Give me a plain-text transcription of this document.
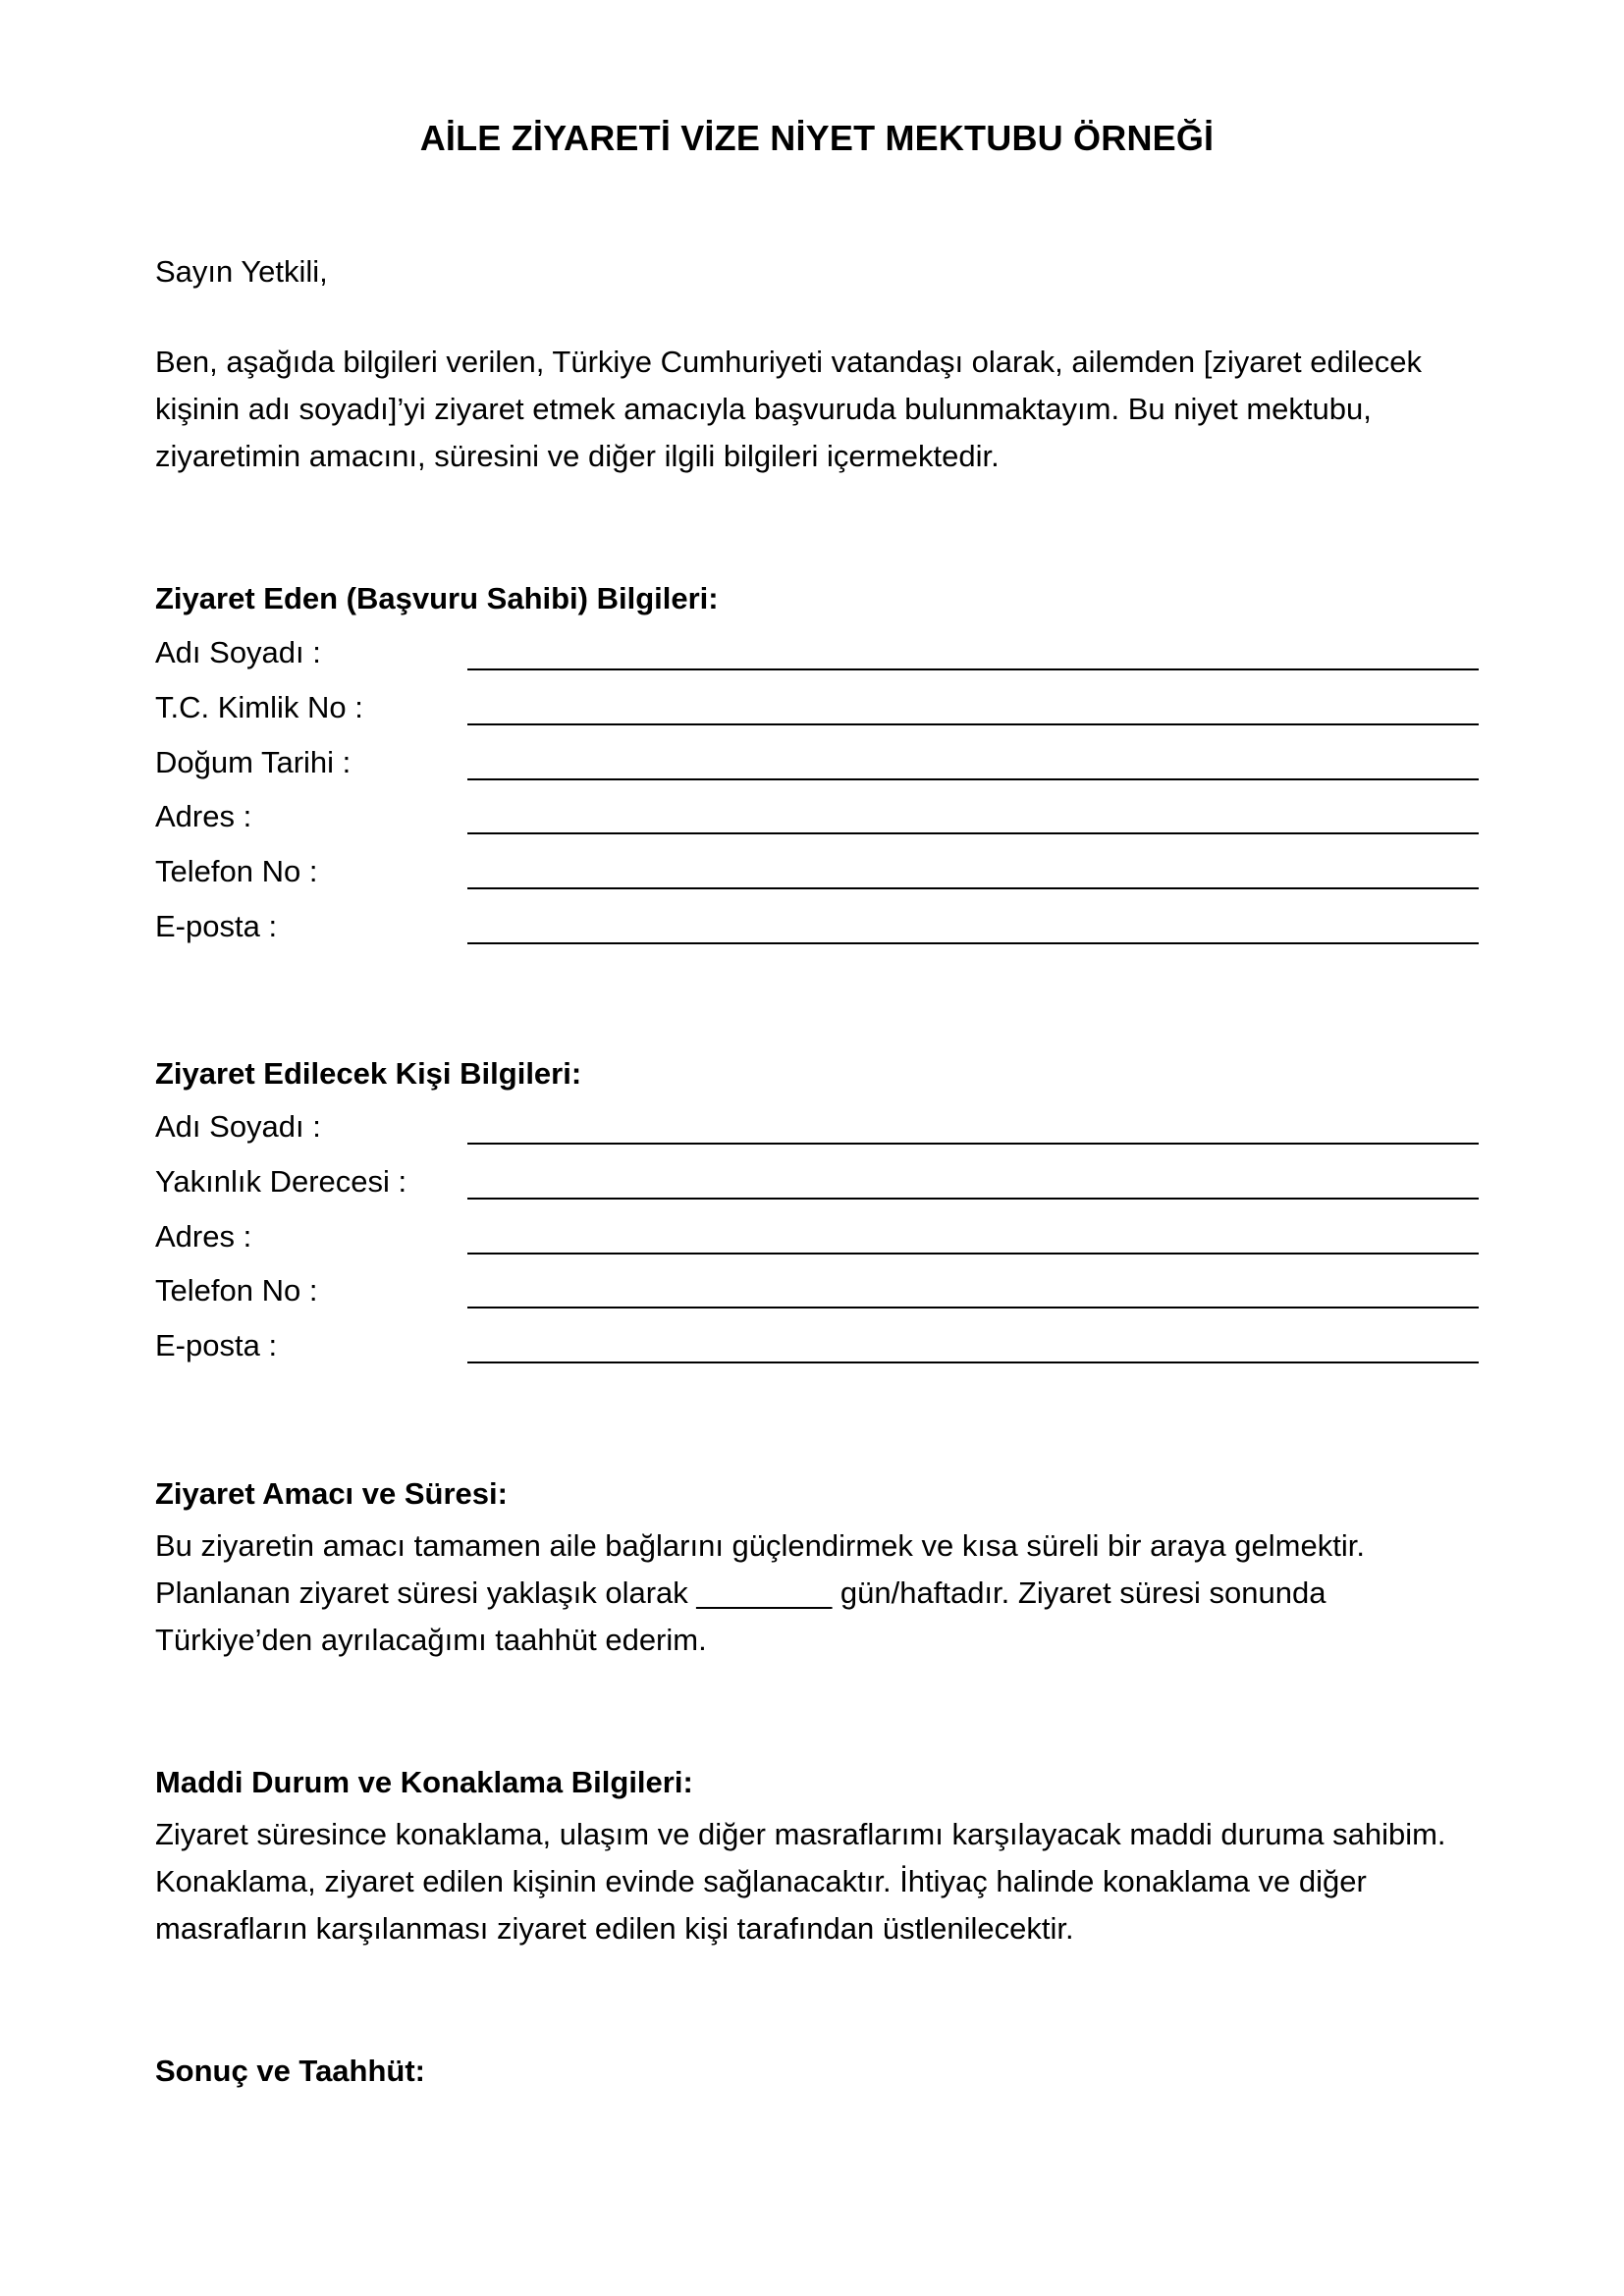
AİLE ZİYARETİ VİZE NİYET MEKTUBU ÖRNEĞİ
Sayın Yetkili,
Ben, aşağıda bilgileri verilen, Türkiye Cumhuriyeti vatandaşı olarak, ailemden [ziyaret edilecek
kişinin adı soyadı]’yi ziyaret etmek amacıyla başvuruda bulunmaktayım. Bu niyet mektubu,
ziyaretimin amacını, süresini ve diğer ilgili bilgileri içermektedir.
Ziyaret Eden (Başvuru Sahibi) Bilgileri:
Adı Soyadı :
T.C. Kimlik No :
Doğum Tarihi :
Adres :
Telefon No :
E-posta :
Ziyaret Edilecek Kişi Bilgileri:
Adı Soyadı :
Yakınlık Derecesi :
Adres :
Telefon No :
E-posta :
Ziyaret Amacı ve Süresi:
Bu ziyaretin amacı tamamen aile bağlarını güçlendirmek ve kısa süreli bir araya gelmektir.
Planlanan ziyaret süresi yaklaşık olarak ________ gün/haftadır. Ziyaret süresi sonunda
Türkiye’den ayrılacağımı taahhüt ederim.
Maddi Durum ve Konaklama Bilgileri:
Ziyaret süresince konaklama, ulaşım ve diğer masraflarımı karşılayacak maddi duruma sahibim.
Konaklama, ziyaret edilen kişinin evinde sağlanacaktır. İhtiyaç halinde konaklama ve diğer
masrafların karşılanması ziyaret edilen kişi tarafından üstlenilecektir.
Sonuç ve Taahhüt:
